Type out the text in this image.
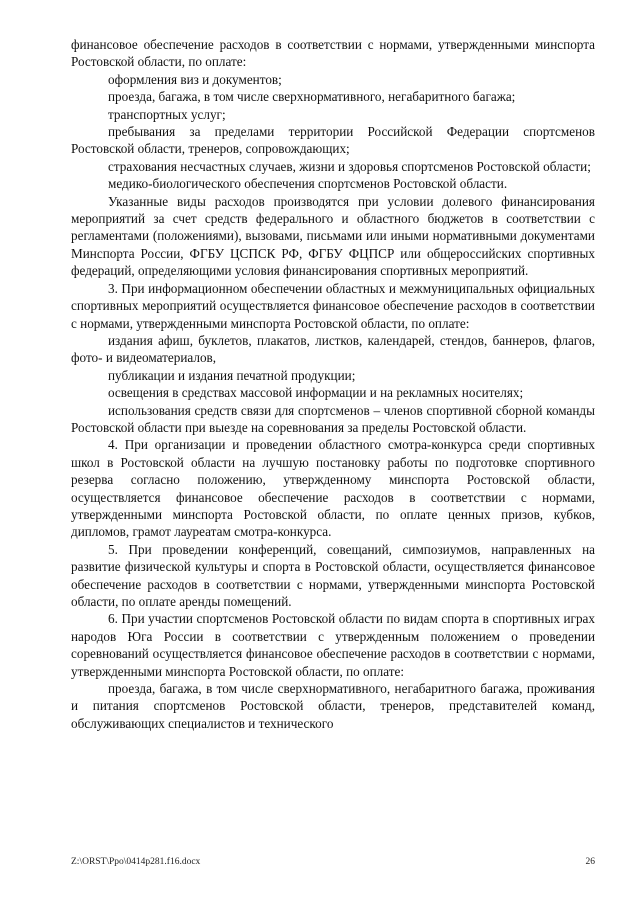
финансовое обеспечение расходов в соответствии с нормами, утвержденными минспорта Ростовской области, по оплате:

оформления виз и документов;

проезда, багажа, в том числе сверхнормативного, негабаритного багажа;

транспортных услуг;

пребывания за пределами территории Российской Федерации спортсменов Ростовской области, тренеров, сопровождающих;

страхования несчастных случаев, жизни и здоровья спортсменов Ростовской области;

медико-биологического обеспечения спортсменов Ростовской области.

Указанные виды расходов производятся при условии долевого финансирования мероприятий за счет средств федерального и областного бюджетов в соответствии с регламентами (положениями), вызовами, письмами или иными нормативными документами Минспорта России, ФГБУ ЦСПСК РФ, ФГБУ ФЦПСР или общероссийских спортивных федераций, определяющими условия финансирования спортивных мероприятий.

3. При информационном обеспечении областных и межмуниципальных официальных спортивных мероприятий осуществляется финансовое обеспечение расходов в соответствии с нормами, утвержденными минспорта Ростовской области, по оплате:

издания афиш, буклетов, плакатов, листков, календарей, стендов, баннеров, флагов, фото- и видеоматериалов,

публикации и издания печатной продукции;

освещения в средствах массовой информации и на рекламных носителях;

использования средств связи для спортсменов – членов спортивной сборной команды Ростовской области при выезде на соревнования за пределы Ростовской области.

4. При организации и проведении областного смотра-конкурса среди спортивных школ в Ростовской области на лучшую постановку работы по подготовке спортивного резерва согласно положению, утвержденному минспорта Ростовской области, осуществляется финансовое обеспечение расходов в соответствии с нормами, утвержденными минспорта Ростовской области, по оплате ценных призов, кубков, дипломов, грамот лауреатам смотра-конкурса.

5. При проведении конференций, совещаний, симпозиумов, направленных на развитие физической культуры и спорта в Ростовской области, осуществляется финансовое обеспечение расходов в соответствии с нормами, утвержденными минспорта Ростовской области, по оплате аренды помещений.

6. При участии спортсменов Ростовской области по видам спорта в спортивных играх народов Юга России в соответствии с утвержденным положением о проведении соревнований осуществляется финансовое обеспечение расходов в соответствии с нормами, утвержденными минспорта Ростовской области, по оплате:

проезда, багажа, в том числе сверхнормативного, негабаритного багажа, проживания и питания спортсменов Ростовской области, тренеров, представителей команд, обслуживающих специалистов и технического

Z:\ORST\Ppo\0414p281.f16.docx	26
